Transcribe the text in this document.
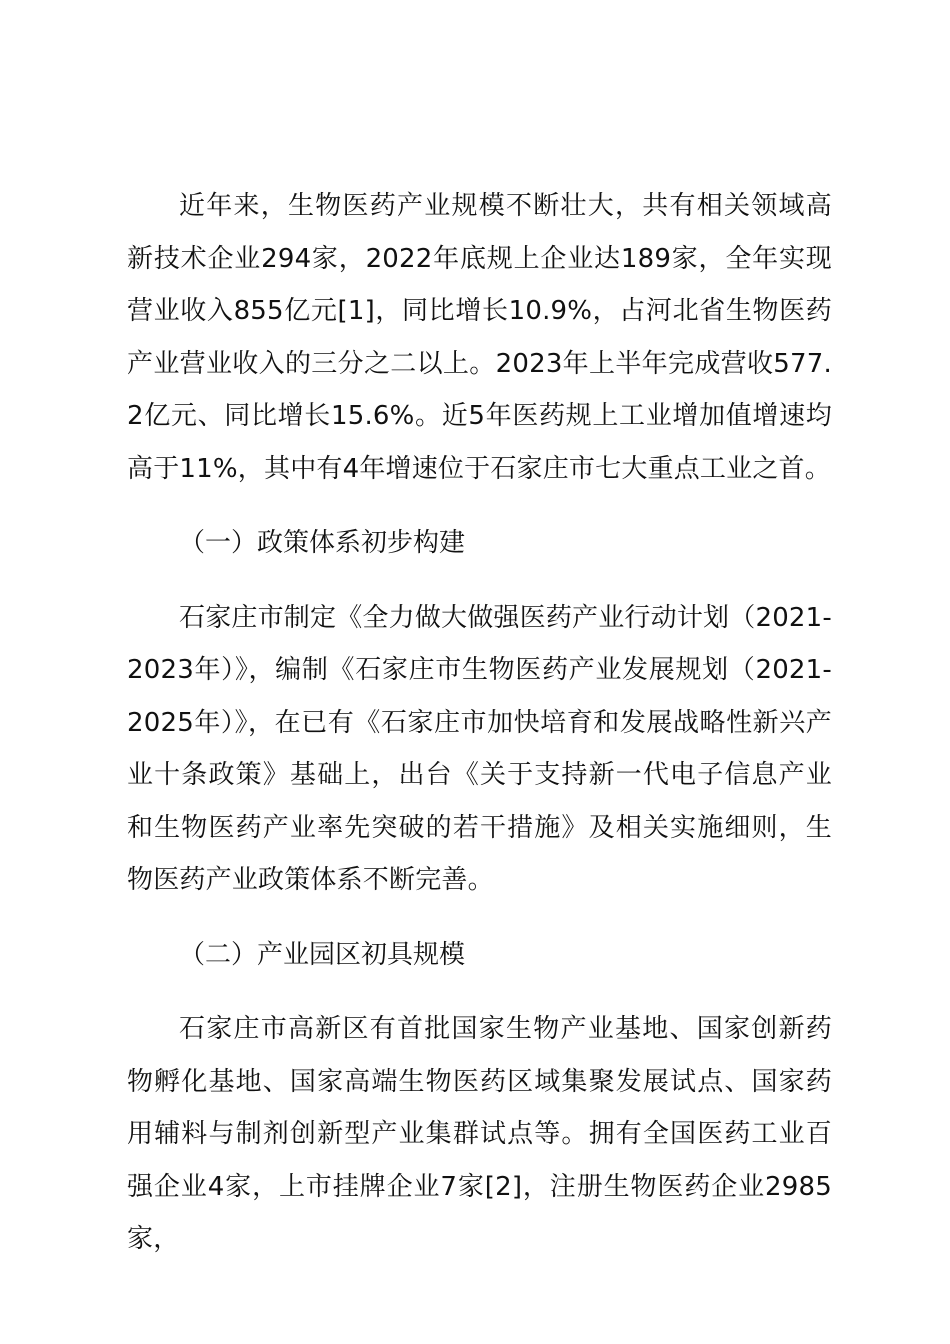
近年来，生物医药产业规模不断壮大，共有相关领域高新技术企业294家，2022年底规上企业达189家，全年实现营业收入855亿元[1]，同比增长10.9%，占河北省生物医药产业营业收入的三分之二以上。2023年上半年完成营收577.2亿元、同比增长15.6%。近5年医药规上工业增加值增速均高于11%，其中有4年增速位于石家庄市七大重点工业之首。

（一）政策体系初步构建

石家庄市制定《全力做大做强医药产业行动计划（2021-2023年）》，编制《石家庄市生物医药产业发展规划（2021-2025年）》，在已有《石家庄市加快培育和发展战略性新兴产业十条政策》基础上，出台《关于支持新一代电子信息产业和生物医药产业率先突破的若干措施》及相关实施细则，生物医药产业政策体系不断完善。

（二）产业园区初具规模

石家庄市高新区有首批国家生物产业基地、国家创新药物孵化基地、国家高端生物医药区域集聚发展试点、国家药用辅料与制剂创新型产业集群试点等。拥有全国医药工业百强企业4家，上市挂牌企业7家[2]，注册生物医药企业2985家，
